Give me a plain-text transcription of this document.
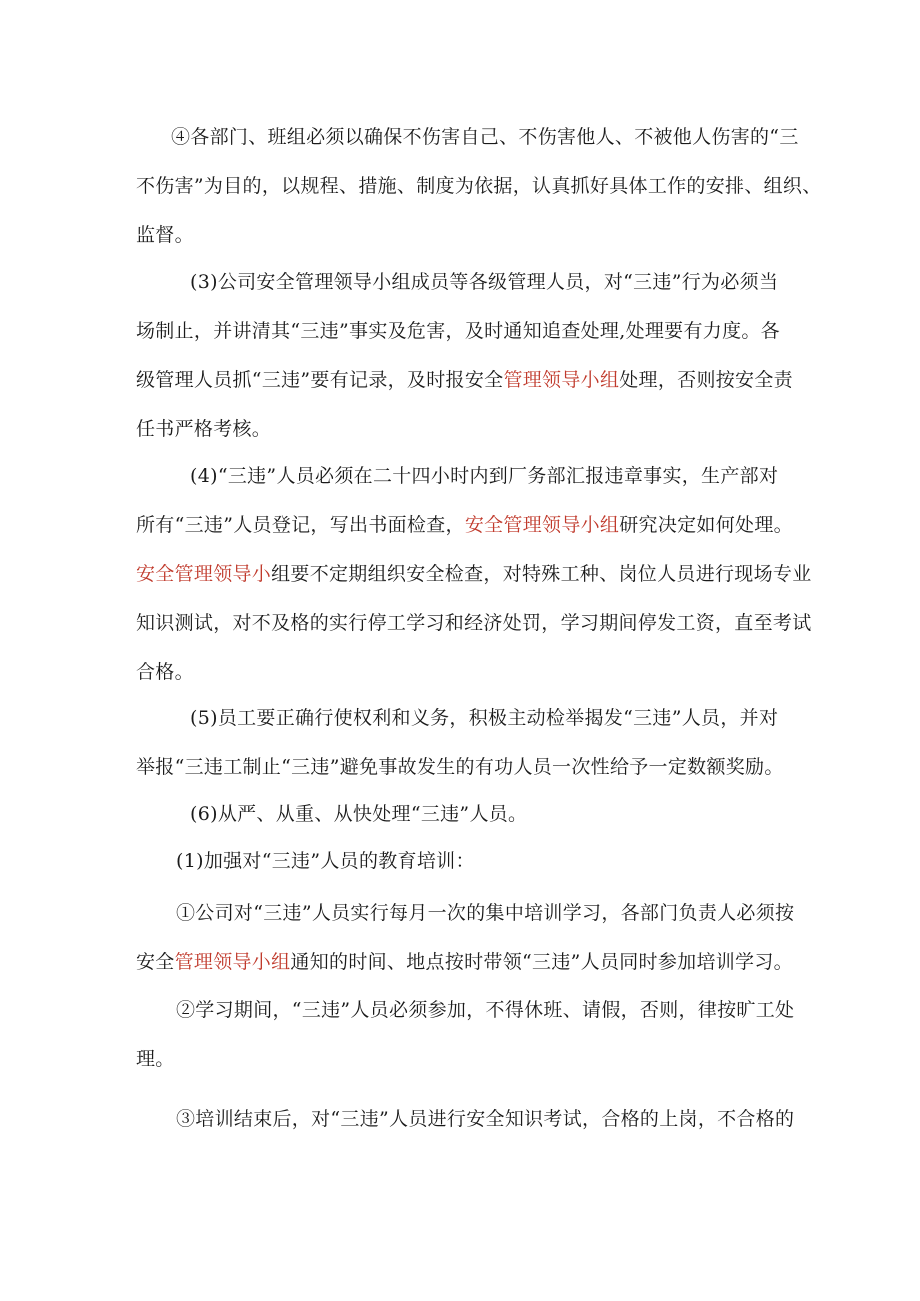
④各部门、班组必须以确保不伤害自己、不伤害他人、不被他人伤害的“三
不伤害”为目的，以规程、措施、制度为依据，认真抓好具体工作的安排、组织、
监督。
(3)公司安全管理领导小组成员等各级管理人员，对“三违”行为必须当
场制止，并讲清其“三违”事实及危害，及时通知追查处理,处理要有力度。各
级管理人员抓“三违”要有记录，及时报安全管理领导小组处理，否则按安全责
任书严格考核。
(4)“三违”人员必须在二十四小时内到厂务部汇报违章事实，生产部对
所有“三违”人员登记，写出书面检查，安全管理领导小组研究决定如何处理。
安全管理领导小组要不定期组织安全检查，对特殊工种、岗位人员进行现场专业
知识测试，对不及格的实行停工学习和经济处罚，学习期间停发工资，直至考试
合格。
(5)员工要正确行使权利和义务，积极主动检举揭发“三违”人员，并对
举报“三违工制止“三违”避免事故发生的有功人员一次性给予一定数额奖励。
(6)从严、从重、从快处理“三违”人员。
(1)加强对“三违”人员的教育培训：
①公司对“三违”人员实行每月一次的集中培训学习，各部门负责人必须按
安全管理领导小组通知的时间、地点按时带领“三违”人员同时参加培训学习。
②学习期间，“三违”人员必须参加，不得休班、请假，否则，律按旷工处
理。
③培训结束后，对“三违”人员进行安全知识考试，合格的上岗，不合格的
